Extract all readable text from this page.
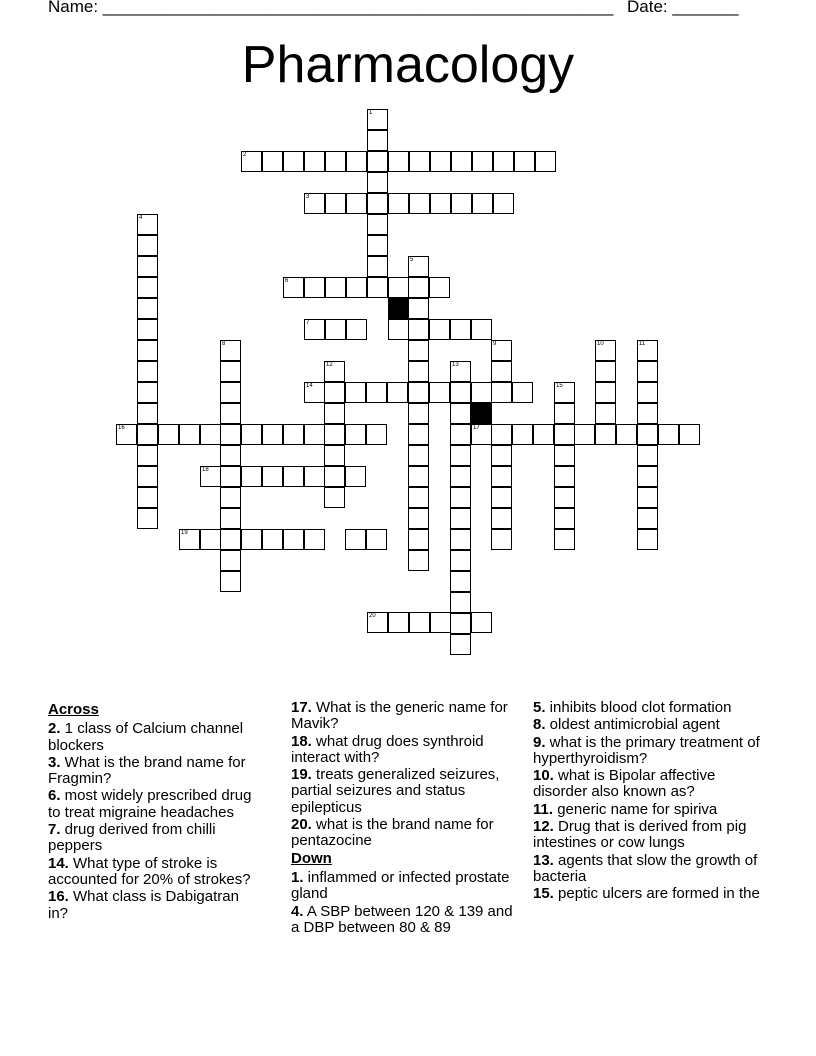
Name: ______________________________________________________ Date: _______
Pharmacology
1
2
3
4
5
6
7
8	9	10	11
12	13
14	15
16	17
18
19
20
Across
2. 1 class of Calcium channel blockers
3. What is the brand name for Fragmin?
6. most widely prescribed drug to treat migraine headaches
7. drug derived from chilli peppers
14. What type of stroke is accounted for 20% of strokes?
16. What class is Dabigatran in?
17. What is the generic name for Mavik?
18. what drug does synthroid interact with?
19. treats generalized seizures, partial seizures and status epilepticus
20. what is the brand name for pentazocine
Down
1. inflammed or infected prostate gland
4. A SBP between 120 & 139 and a DBP between 80 & 89
5. inhibits blood clot formation
8. oldest antimicrobial agent
9. what is the primary treatment of hyperthyroidism?
10. what is Bipolar affective disorder also known as?
11. generic name for spiriva
12. Drug that is derived from pig intestines or cow lungs
13. agents that slow the growth of bacteria
15. peptic ulcers are formed in the
